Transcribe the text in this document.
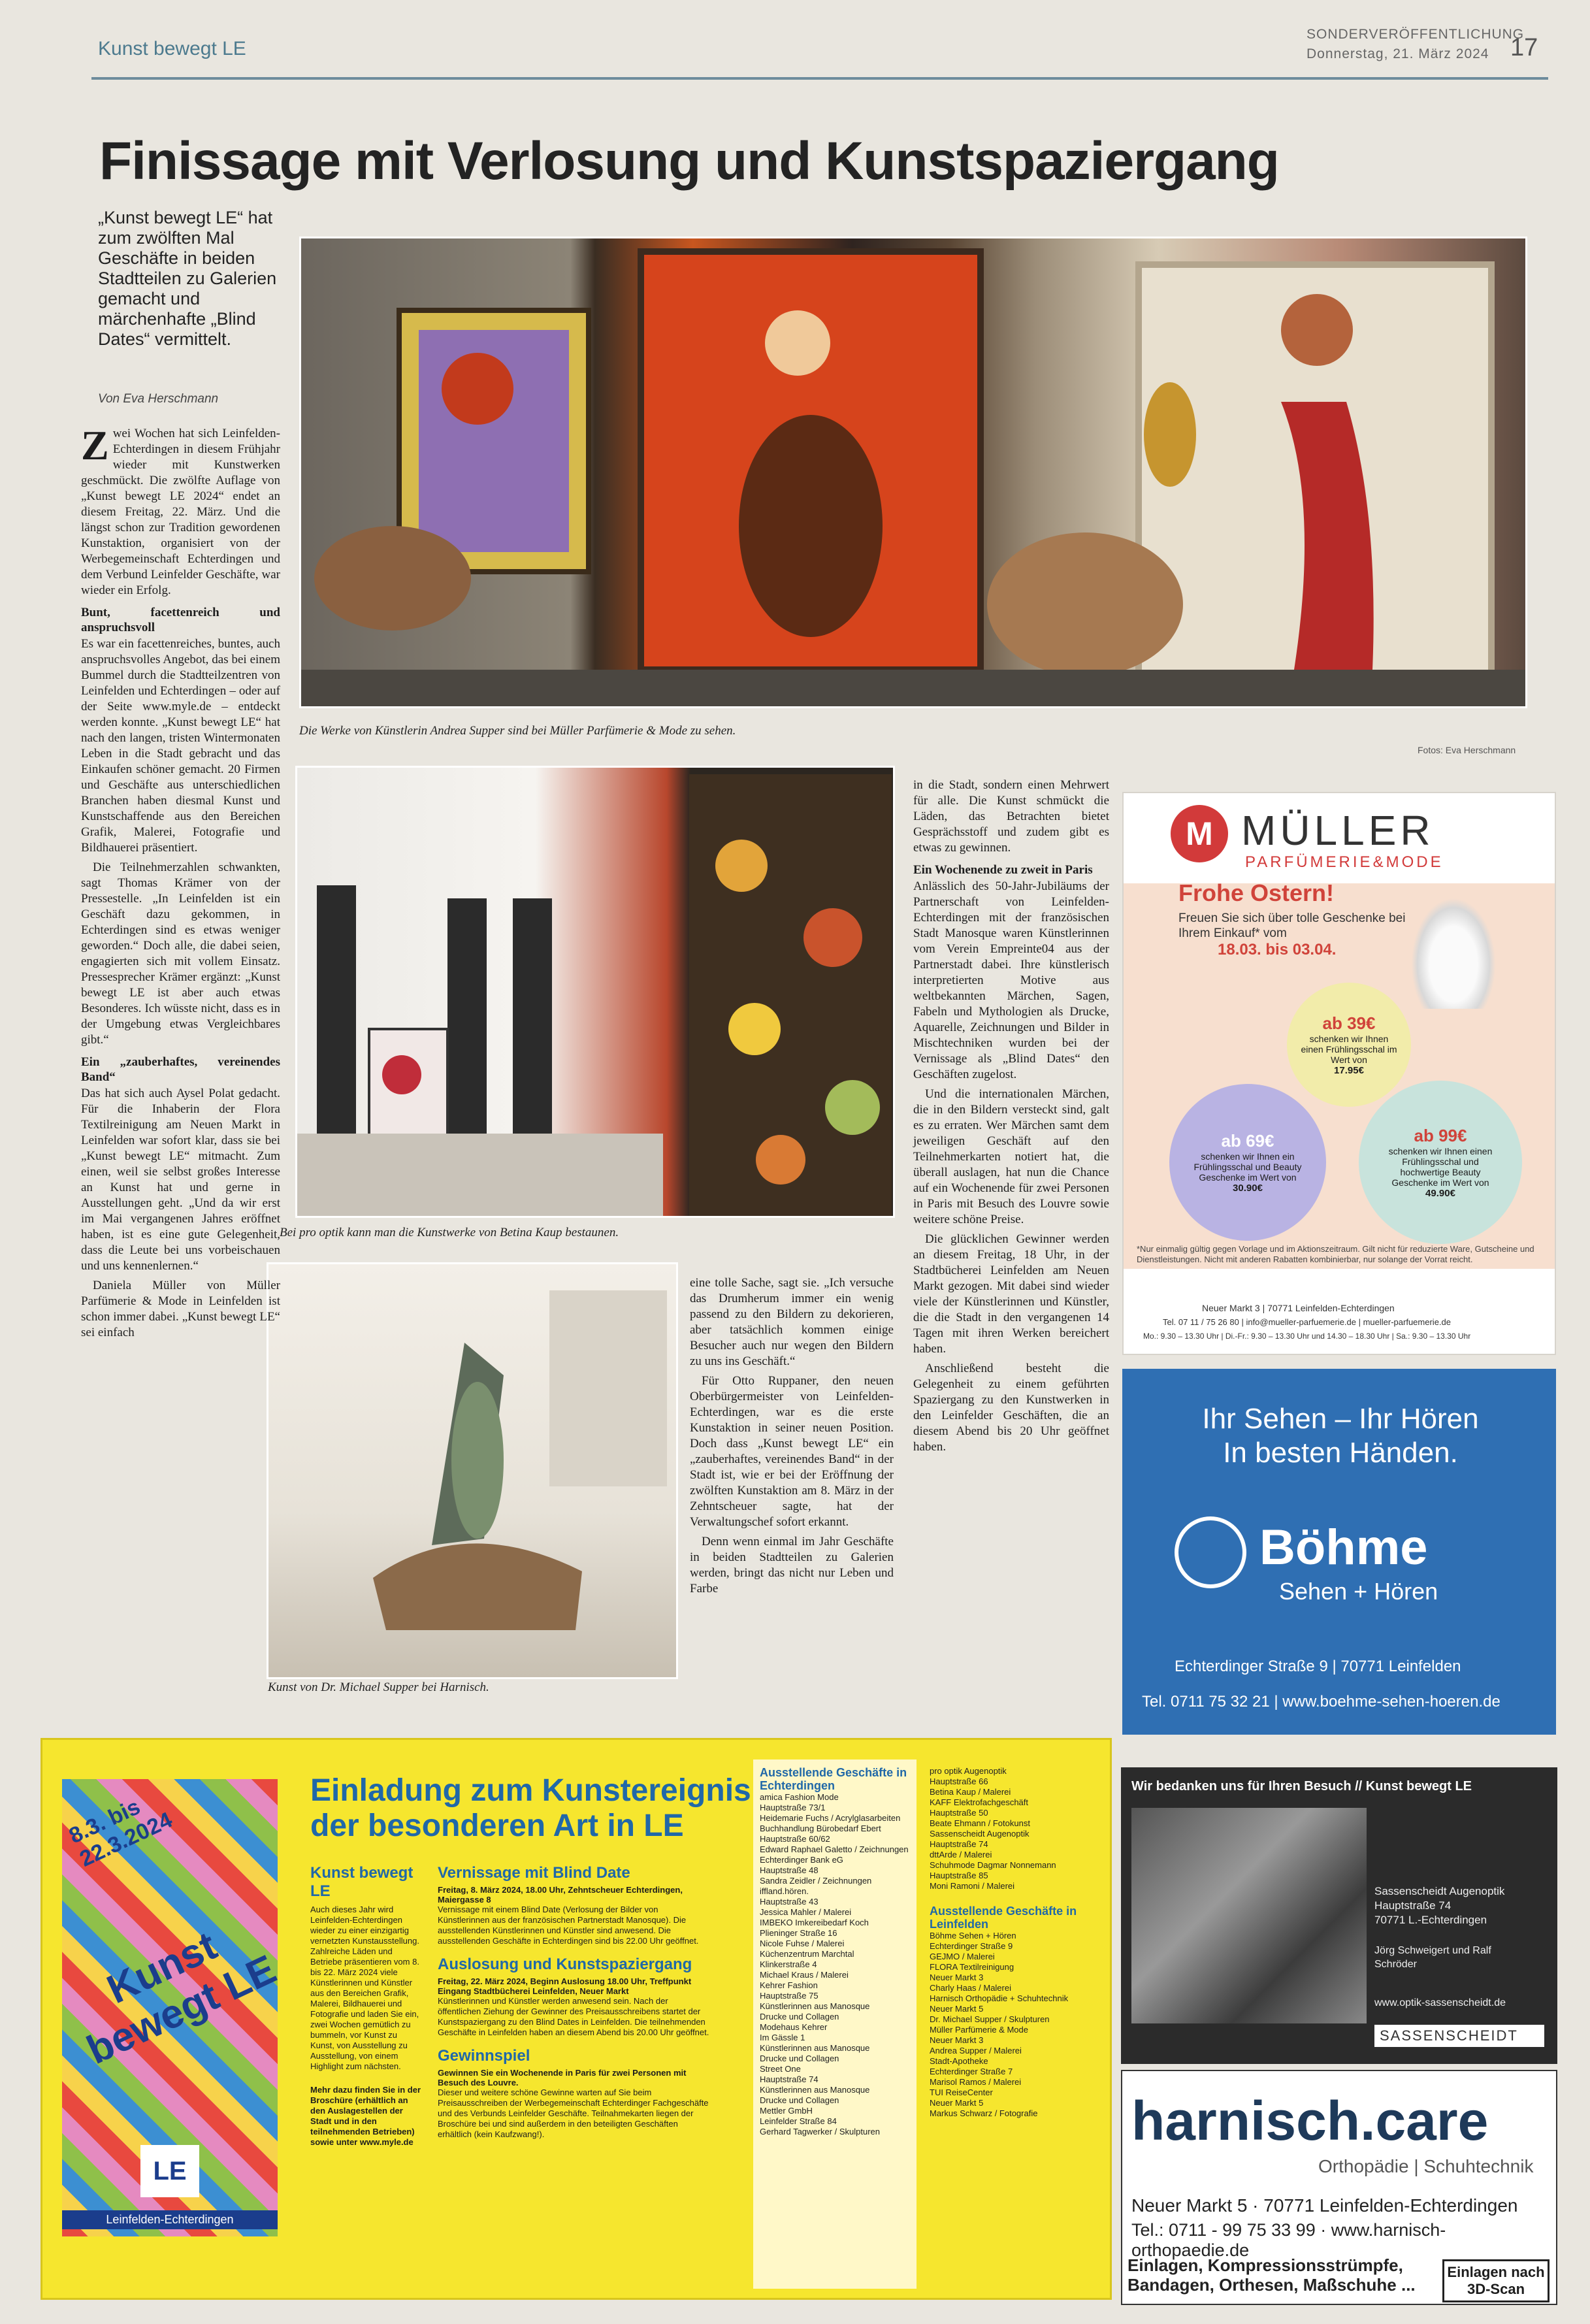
Kunst bewegt LE
SONDERVERÖFFENTLICHUNG
Donnerstag, 21. März 2024 17
Finissage mit Verlosung und Kunstspaziergang
„Kunst bewegt LE“ hat zum zwölften Mal Geschäfte in beiden Stadtteilen zu Galerien gemacht und märchenhafte „Blind Dates“ vermittelt.
Von Eva Herschmann
Die Werke von Künstlerin Andrea Supper sind bei Müller Parfümerie & Mode zu sehen.
Fotos: Eva Herschmann
Bei pro optik kann man die Kunstwerke von Betina Kaup bestaunen.
Kunst von Dr. Michael Supper bei Harnisch.

Zwei Wochen hat sich Leinfelden-Echterdingen in diesem Frühjahr wieder mit Kunstwerken geschmückt. Die zwölfte Auflage von „Kunst bewegt LE 2024“ endet an diesem Freitag, 22. März. Und die längst schon zur Tradition gewordenen Kunstaktion, organisiert von der Werbegemeinschaft Echterdingen und dem Verbund Leinfelder Geschäfte, war wieder ein Erfolg.

Bunt, facettenreich und anspruchsvoll

Es war ein facettenreiches, buntes, auch anspruchsvolles Angebot, das bei einem Bummel durch die Stadtteilzentren von Leinfelden und Echterdingen – oder auf der Seite www.myle.de – entdeckt werden konnte. „Kunst bewegt LE“ hat nach den langen, tristen Wintermonaten Leben in die Stadt gebracht und das Einkaufen schöner gemacht. 20 Firmen und Geschäfte aus unterschiedlichen Branchen haben diesmal Kunst und Kunstschaffende aus den Bereichen Grafik, Malerei, Fotografie und Bildhauerei präsentiert.

Die Teilnehmerzahlen schwankten, sagt Thomas Krämer von der Pressestelle. „In Leinfelden ist ein Geschäft dazu gekommen, in Echterdingen sind es etwas weniger geworden.“ Doch alle, die dabei seien, engagierten sich mit vollem Einsatz. Pressesprecher Krämer ergänzt: „Kunst bewegt LE ist aber auch etwas Besonderes. Ich wüsste nicht, dass es in der Umgebung etwas Vergleichbares gibt.“

Ein „zauberhaftes, vereinendes Band“

Das hat sich auch Aysel Polat gedacht. Für die Inhaberin der Flora Textilreinigung am Neuen Markt in Leinfelden war sofort klar, dass sie bei „Kunst bewegt LE“ mitmacht. Zum einen, weil sie selbst großes Interesse an Kunst hat und gerne in Ausstellungen geht. „Und da wir erst im Mai vergangenen Jahres eröffnet haben, ist es eine gute Gelegenheit, dass die Leute bei uns vorbeischauen und uns kennenlernen.“

Daniela Müller von Müller Parfümerie & Mode in Leinfelden ist schon immer dabei. „Kunst bewegt LE“ sei einfach

eine tolle Sache, sagt sie. „Ich versuche das Drumherum immer ein wenig passend zu den Bildern zu dekorieren, aber tatsächlich kommen einige Besucher auch nur wegen den Bildern zu uns ins Geschäft.“

Für Otto Ruppaner, den neuen Oberbürgermeister von Leinfelden-Echterdingen, war es die erste Kunstaktion in seiner neuen Position. Doch dass „Kunst bewegt LE“ ein „zauberhaftes, vereinendes Band“ in der Stadt ist, wie er bei der Eröffnung der zwölften Kunstaktion am 8. März in der Zehntscheuer sagte, hat der Verwaltungschef sofort erkannt.

Denn wenn einmal im Jahr Geschäfte in beiden Stadtteilen zu Galerien werden, bringt das nicht nur Leben und Farbe

in die Stadt, sondern einen Mehrwert für alle. Die Kunst schmückt die Läden, das Betrachten bietet Gesprächsstoff und zudem gibt es etwas zu gewinnen.

Ein Wochenende zu zweit in Paris

Anlässlich des 50-Jahr-Jubiläums der Partnerschaft von Leinfelden-Echterdingen mit der französischen Stadt Manosque waren Künstlerinnen vom Verein Empreinte04 aus der Partnerstadt dabei. Ihre künstlerisch interpretierten Motive aus weltbekannten Märchen, Sagen, Fabeln und Mythologien als Drucke, Aquarelle, Zeichnungen und Bilder in Mischtechniken wurden bei der Vernissage als „Blind Dates“ den Geschäften zugelost.

Und die internationalen Märchen, die in den Bildern versteckt sind, galt es zu erraten. Wer Märchen samt dem jeweiligen Geschäft auf den Teilnehmerkarten notiert hat, die überall auslagen, hat nun die Chance auf ein Wochenende für zwei Personen in Paris mit Besuch des Louvre sowie weitere schöne Preise.

Die glücklichen Gewinner werden an diesem Freitag, 18 Uhr, in der Stadtbücherei Leinfelden am Neuen Markt gezogen. Mit dabei sind wieder viele der Künstlerinnen und Künstler, die die Stadt in den vergangenen 14 Tagen mit ihren Werken bereichert haben.

Anschließend besteht die Gelegenheit zu einem geführten Spaziergang zu den Kunstwerken in den Leinfelder Geschäften, die an diesem Abend bis 20 Uhr geöffnet haben.

M MÜLLER
PARFÜMERIE&MODE
Frohe Ostern!
Freuen Sie sich über tolle Geschenke bei Ihrem Einkauf* vom
18.03. bis 03.04.
ab 39€
schenken wir Ihnen einen Frühlingsschal im Wert von
17.95€
ab 69€
schenken wir Ihnen ein Frühlingsschal und Beauty Geschenke im Wert von
30.90€
ab 99€
schenken wir Ihnen einen Frühlingsschal und hochwertige Beauty Geschenke im Wert von
49.90€
*Nur einmalig gültig gegen Vorlage und im Aktionszeitraum. Gilt nicht für reduzierte Ware, Gutscheine und Dienstleistungen. Nicht mit anderen Rabatten kombinierbar, nur solange der Vorrat reicht.
Neuer Markt 3 | 70771 Leinfelden-Echterdingen
Tel. 07 11 / 75 26 80 | info@mueller-parfuemerie.de | mueller-parfuemerie.de
Mo.: 9.30 – 13.30 Uhr | Di.-Fr.: 9.30 – 13.30 Uhr und 14.30 – 18.30 Uhr | Sa.: 9.30 – 13.30 Uhr
Ihr Sehen – Ihr Hören
In besten Händen.
Böhme
Sehen + Hören
Echterdinger Straße 9 | 70771 Leinfelden
Tel. 0711 75 32 21 | www.boehme-sehen-hoeren.de
Wir bedanken uns für Ihren Besuch // Kunst bewegt LE
Sassenscheidt Augenoptik
Hauptstraße 74
70771 L.-Echterdingen
Jörg Schweigert und Ralf Schröder
www.optik-sassenscheidt.de
SASSENSCHEIDT
harnisch.care
Orthopädie | Schuhtechnik
Neuer Markt 5 · 70771 Leinfelden-Echterdingen
Tel.: 0711 - 99 75 33 99 · www.harnisch-orthopaedie.de
Einlagen, Kompressionsstrümpfe, Bandagen, Orthesen, Maßschuhe ...
Einlagen nach 3D-Scan
8.3. bis 22.3.2024
Kunst bewegt LE
LE
Leinfelden-Echterdingen
Einladung zum Kunstereignis
der besonderen Art in LE
Kunst bewegt LE
Auch dieses Jahr wird Leinfelden-Echterdingen wieder zu einer einzigartig vernetzten Kunstausstellung. Zahlreiche Läden und Betriebe präsentieren vom 8. bis 22. März 2024 viele Künstlerinnen und Künstler aus den Bereichen Grafik, Malerei, Bildhauerei und Fotografie und laden Sie ein, zwei Wochen gemütlich zu bummeln, vor Kunst zu Kunst, von Ausstellung zu Ausstellung, von einem Highlight zum nächsten.
Mehr dazu finden Sie in der Broschüre (erhältlich an den Auslagestellen der Stadt und in den teilnehmenden Betrieben) sowie unter www.myle.de
Vernissage mit Blind Date
Freitag, 8. März 2024, 18.00 Uhr, Zehntscheuer Echterdingen, Maiergasse 8
Vernissage mit einem Blind Date (Verlosung der Bilder von Künstlerinnen aus der französischen Partnerstadt Manosque). Die ausstellenden Künstlerinnen und Künstler sind anwesend. Die ausstellenden Geschäfte in Echterdingen sind bis 22.00 Uhr geöffnet.
Auslosung und Kunstspaziergang
Freitag, 22. März 2024, Beginn Auslosung 18.00 Uhr, Treffpunkt Eingang Stadtbücherei Leinfelden, Neuer Markt
Künstlerinnen und Künstler werden anwesend sein. Nach der öffentlichen Ziehung der Gewinner des Preisausschreibens startet der Kunstspaziergang zu den Blind Dates in Leinfelden. Die teilnehmenden Geschäfte in Leinfelden haben an diesem Abend bis 20.00 Uhr geöffnet.
Gewinnspiel
Gewinnen Sie ein Wochenende in Paris für zwei Personen mit Besuch des Louvre.
Dieser und weitere schöne Gewinne warten auf Sie beim Preisausschreiben der Werbegemeinschaft Echterdinger Fachgeschäfte und des Verbunds Leinfelder Geschäfte. Teilnahmekarten liegen der Broschüre bei und sind außerdem in den beteiligten Geschäften erhältlich (kein Kaufzwang!).
Ausstellende Geschäfte in Echterdingen
amica Fashion Mode
Hauptstraße 73/1
Heidemarie Fuchs / Acrylglasarbeiten
Buchhandlung Bürobedarf Ebert
Hauptstraße 60/62
Edward Raphael Galetto / Zeichnungen
Echterdinger Bank eG
Hauptstraße 48
Sandra Zeidler / Zeichnungen
iffland.hören.
Hauptstraße 43
Jessica Mahler / Malerei
IMBEKO Imkereibedarf Koch
Plieninger Straße 16
Nicole Fuhse / Malerei
Küchenzentrum Marchtal
Klinkerstraße 4
Michael Kraus / Malerei
Kehrer Fashion
Hauptstraße 75
Künstlerinnen aus Manosque
Drucke und Collagen
Modehaus Kehrer
Im Gässle 1
Künstlerinnen aus Manosque
Drucke und Collagen
Street One
Hauptstraße 74
Künstlerinnen aus Manosque
Drucke und Collagen
Mettler GmbH
Leinfelder Straße 84
Gerhard Tagwerker / Skulpturen
pro optik Augenoptik
Hauptstraße 66
Betina Kaup / Malerei
KAFF Elektrofachgeschäft
Hauptstraße 50
Beate Ehmann / Fotokunst
Sassenscheidt Augenoptik
Hauptstraße 74
dttArde / Malerei
Schuhmode Dagmar Nonnemann
Hauptstraße 85
Moni Ramoni / Malerei
Ausstellende Geschäfte in Leinfelden
Böhme Sehen + Hören
Echterdinger Straße 9
GEJMO / Malerei
FLORA Textilreinigung
Neuer Markt 3
Charly Haas / Malerei
Harnisch Orthopädie + Schuhtechnik
Neuer Markt 5
Dr. Michael Supper / Skulpturen
Müller Parfümerie & Mode
Neuer Markt 3
Andrea Supper / Malerei
Stadt-Apotheke
Echterdinger Straße 7
Marisol Ramos / Malerei
TUI ReiseCenter
Neuer Markt 5
Markus Schwarz / Fotografie
